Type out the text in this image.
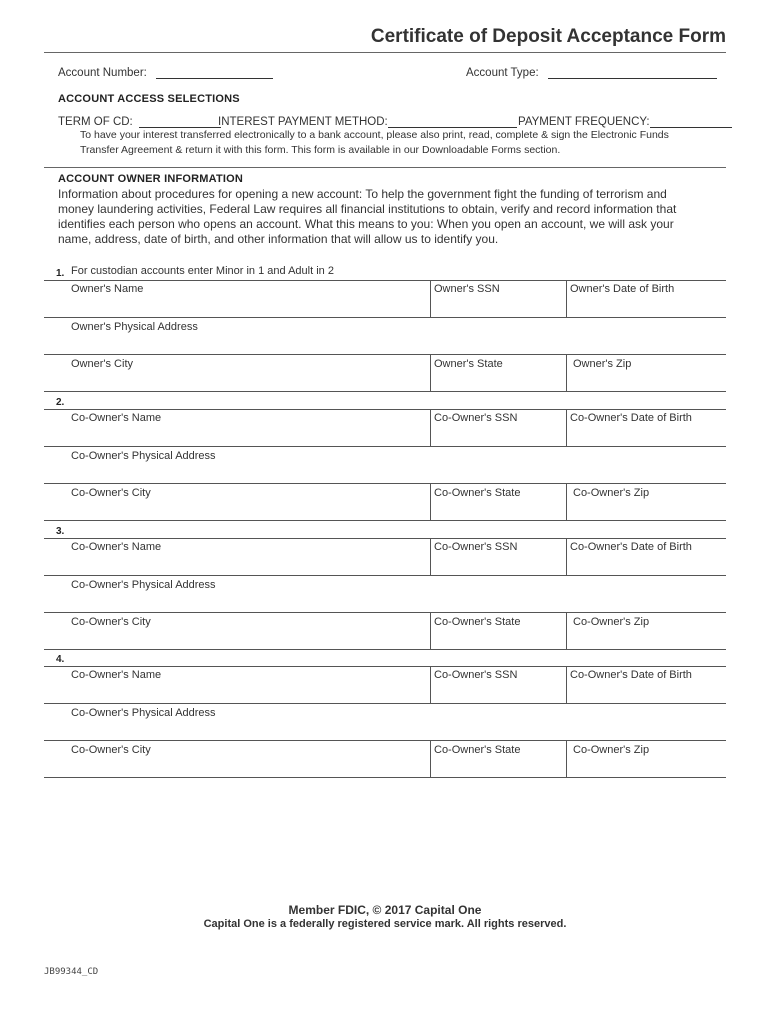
Certificate of Deposit Acceptance Form
Account Number:	Account Type:
ACCOUNT ACCESS SELECTIONS
TERM OF CD:	INTEREST PAYMENT METHOD:	PAYMENT FREQUENCY:
To have your interest transferred electronically to a bank account, please also print, read, complete & sign the Electronic Funds
Transfer Agreement & return it with this form. This form is available in our Downloadable Forms section.
ACCOUNT OWNER INFORMATION
Information about procedures for opening a new account: To help the government fight the funding of terrorism and
money laundering activities, Federal Law requires all financial institutions to obtain, verify and record information that
identifies each person who opens an account. What this means to you: When you open an account, we will ask your
name, address, date of birth, and other information that will allow us to identify you.
1. For custodian accounts enter Minor in 1 and Adult in 2
Owner's Name	Owner's SSN	Owner's Date of Birth
Owner's Physical Address
Owner's City	Owner's State	Owner's Zip
2.
Co-Owner's Name	Co-Owner's SSN	Co-Owner's Date of Birth
Co-Owner's Physical Address
Co-Owner's City	Co-Owner's State	Co-Owner's Zip
3.
Co-Owner's Name	Co-Owner's SSN	Co-Owner's Date of Birth
Co-Owner's Physical Address
Co-Owner's City	Co-Owner's State	Co-Owner's Zip
4.
Co-Owner's Name	Co-Owner's SSN	Co-Owner's Date of Birth
Co-Owner's Physical Address
Co-Owner's City	Co-Owner's State	Co-Owner's Zip
Member FDIC, © 2017 Capital One
Capital One is a federally registered service mark. All rights reserved.
JB99344_CD
